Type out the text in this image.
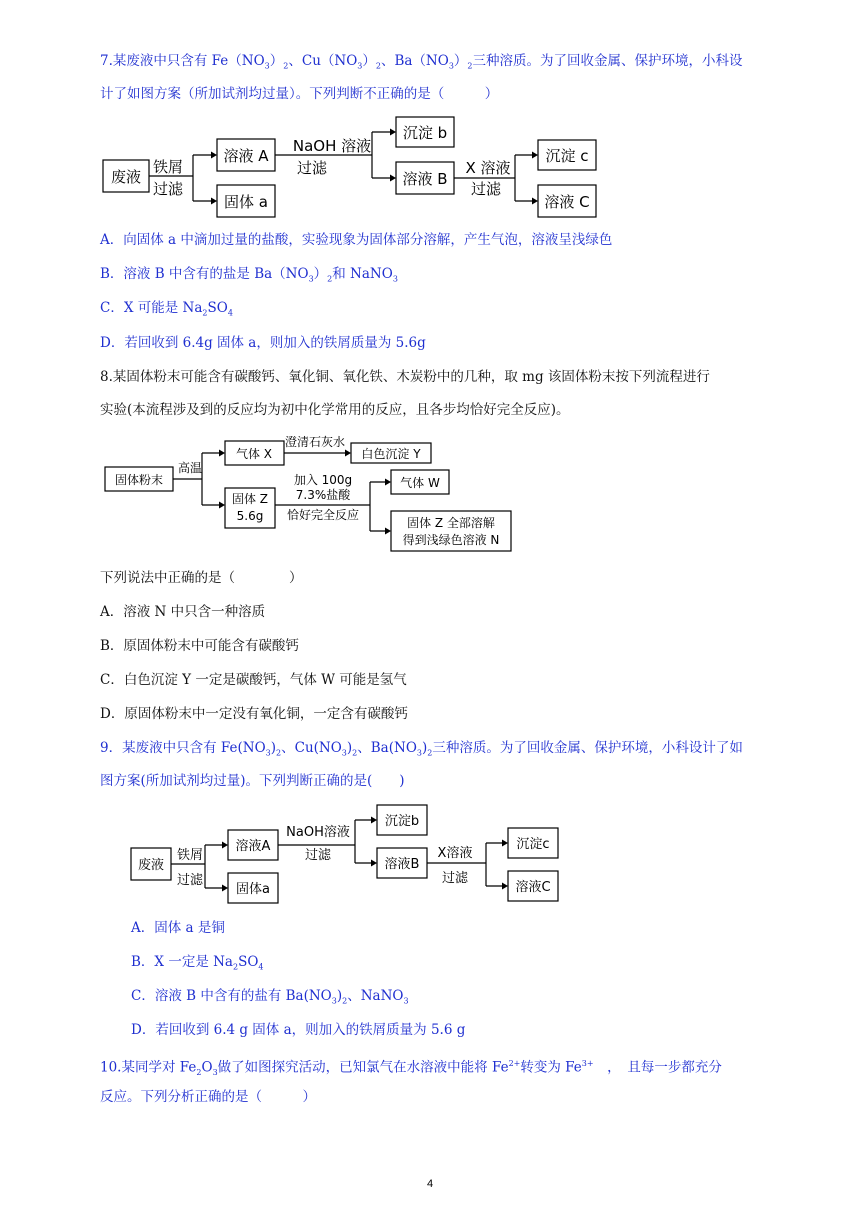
7.某废液中只含有 $Fe(NO_3)_2$、$Cu(NO_3)_2$、$Ba(NO_3)_2$三种溶质。为了回收金属、保护环境，小科设
计了如图方案（所加试剂均过量）。下列判断不正确的是（　　　）
废液
溶液 A
固体 a
沉淀 b
溶液 B
沉淀 c
溶液 C
铁屑
过滤
NaOH 溶液
过滤	X 溶液
过滤
固体粉末
高温
气体 X
澄清石灰水
白色沉淀 Y
固体 Z
5.6g
加入 100g
7.3%盐酸
恰好完全反应
气体 W
固体 Z 全部溶解
得到浅绿色溶液 N
废液
溶液A
固体a
沉淀b
溶液B
沉淀c
溶液C
铁屑
过滤
NaOH溶液
过滤	X溶液
过滤
A．向固体 a 中滴加过量的盐酸，实验现象为固体部分溶解，产生气泡，溶液呈浅绿色
B．溶液 B 中含有的盐是 $Ba(NO_3)_2$和 NaNO$_3$
C．X 可能是 $Na_2SO_4$
D．若回收到 6.4g 固体 a，则加入的铁屑质量为 5.6g
8.某固体粉末可能含有碳酸钙、氧化铜、氧化铁、木炭粉中的几种，取 mg 该固体粉末按下列流程进行
实验(本流程涉及到的反应均为初中化学常用的反应，且各步均恰好完全反应)。
下列说法中正确的是（　　　　）
A．溶液 N 中只含一种溶质
B．原固体粉末中可能含有碳酸钙
C．白色沉淀 Y 一定是碳酸钙，气体 W 可能是氢气
D．原固体粉末中一定没有氧化铜，一定含有碳酸钙
9．某废液中只含有 $Fe(NO_3)_2$、$Cu(NO_3)_2$、$Ba(NO_3)_2$三种溶质。为了回收金属、保护环境，小科设计了如
图方案(所加试剂均过量)。下列判断正确的是(　　)
A．固体 a 是铜
B．X 一定是 $Na_2SO_4$
C．溶液 B 中含有的盐有 $Ba(NO_3)_2$、NaNO$_3$
D．若回收到 6.4 g 固体 a，则加入的铁屑质量为 5.6 g
10.某同学对 $Fe_2O_3$做了如图探究活动，已知氯气在水溶液中能将 $Fe^{2+}$转变为 $Fe^{3+}$　，　且每一步都充分
反应。下列分析正确的是（　　　）
4
